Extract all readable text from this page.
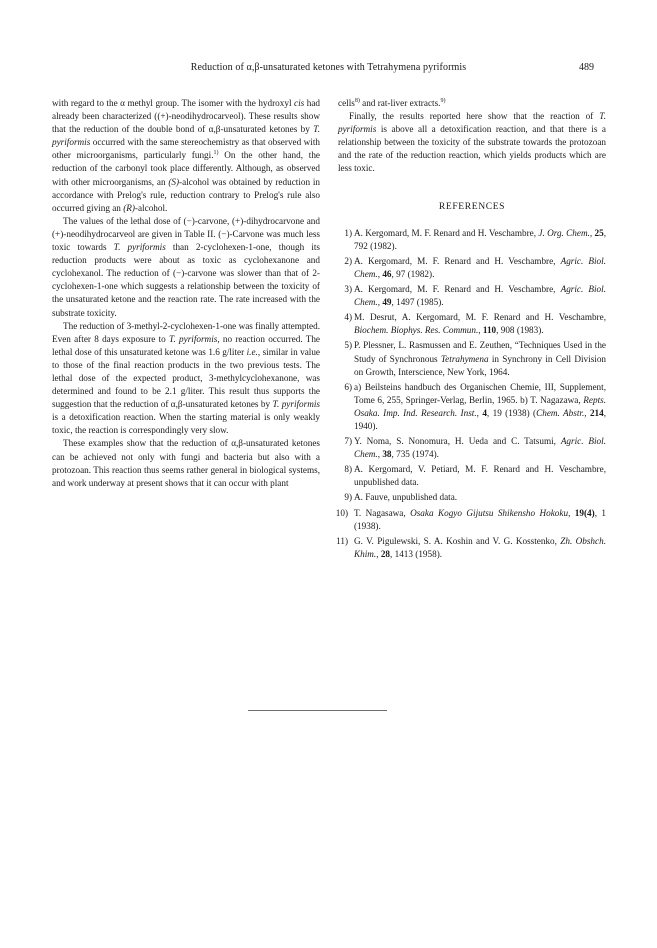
Reduction of α,β-unsaturated ketones with Tetrahymena pyriformis	489

with regard to the α methyl group. The isomer with the hydroxyl cis had already been characterized ((+)-neodihydrocarveol). These results show that the reduction of the double bond of α,β-unsaturated ketones by T. pyriformis occurred with the same stereochemistry as that observed with other microorganisms, particularly fungi.$^{1)}$ On the other hand, the reduction of the carbonyl took place differently. Although, as observed with other microorganisms, an (S)-alcohol was obtained by reduction in accordance with Prelog's rule, reduction contrary to Prelog's rule also occurred giving an (R)-alcohol.

The values of the lethal dose of (−)-carvone, (+)-dihydrocarvone and (+)-neodihydrocarveol are given in Table II. (−)-Carvone was much less toxic towards T. pyriformis than 2-cyclohexen-1-one, though its reduction products were about as toxic as cyclohexanone and cyclohexanol. The reduction of (−)-carvone was slower than that of 2-cyclohexen-1-one which suggests a relationship between the toxicity of the unsaturated ketone and the reaction rate. The rate increased with the substrate toxicity.

The reduction of 3-methyl-2-cyclohexen-1-one was finally attempted. Even after 8 days exposure to T. pyriformis, no reaction occurred. The lethal dose of this unsaturated ketone was 1.6 g/liter i.e., similar in value to those of the final reaction products in the two previous tests. The lethal dose of the expected product, 3-methylcyclohexanone, was determined and found to be 2.1 g/liter. This result thus supports the suggestion that the reduction of α,β-unsaturated ketones by T. pyriformis is a detoxification reaction. When the starting material is only weakly toxic, the reaction is correspondingly very slow.

These examples show that the reduction of α,β-unsaturated ketones can be achieved not only with fungi and bacteria but also with a protozoan. This reaction thus seems rather general in biological systems, and work underway at present shows that it can occur with plant

cells$^{8)}$ and rat-liver extracts.$^{9)}$

Finally, the results reported here show that the reaction of T. pyriformis is above all a detoxification reaction, and that there is a relationship between the toxicity of the substrate towards the protozoan and the rate of the reduction reaction, which yields products which are less toxic.

REFERENCES
1) A. Kergomard, M. F. Renard and H. Veschambre, J. Org. Chem., 25, 792 (1982).
2) A. Kergomard, M. F. Renard and H. Veschambre, Agric. Biol. Chem., 46, 97 (1982).
3) A. Kergomard, M. F. Renard and H. Veschambre, Agric. Biol. Chem., 49, 1497 (1985).
4) M. Desrut, A. Kergomard, M. F. Renard and H. Veschambre, Biochem. Biophys. Res. Commun., 110, 908 (1983).
5) P. Plessner, L. Rasmussen and E. Zeuthen, “Techniques Used in the Study of Synchronous Tetrahymena in Synchrony in Cell Division on Growth, Interscience, New York, 1964.
6) a) Beilsteins handbuch des Organischen Chemie, III, Supplement, Tome 6, 255, Springer-Verlag, Berlin, 1965. b) T. Nagazawa, Repts. Osaka. Imp. Ind. Research. Inst., 4, 19 (1938) (Chem. Abstr., 214, 1940).
7) Y. Noma, S. Nonomura, H. Ueda and C. Tatsumi, Agric. Biol. Chem., 38, 735 (1974).
8) A. Kergomard, V. Petiard, M. F. Renard and H. Veschambre, unpublished data.
9) A. Fauve, unpublished data.
10) T. Nagasawa, Osaka Kogyo Gijutsu Shikensho Hokoku, 19(4), 1 (1938).
11) G. V. Pigulewski, S. A. Koshin and V. G. Kosstenko, Zh. Obshch. Khim., 28, 1413 (1958).
